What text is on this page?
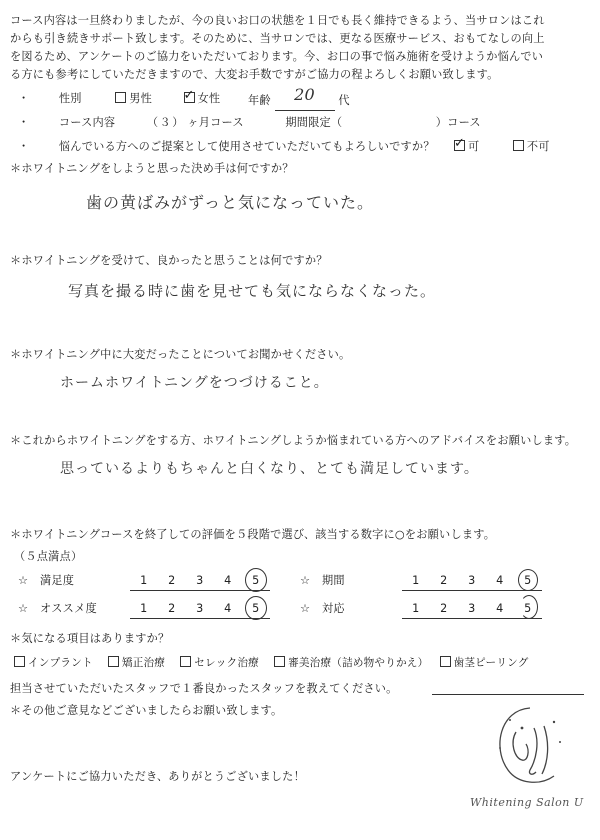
コース内容は一旦終わりましたが、今の良いお口の状態を１日でも長く維持できるよう、当サロンはこれ
からも引き続きサポート致します。そのために、当サロンでは、更なる医療サービス、おもてなしの向上
を図るため、アンケートのご協力をいただいております。今、お口の事で悩み施術を受けようか悩んでい
る方にも参考にしていただきますので、大変お手数ですがご協力の程よろしくお願い致します。
・	性別	男性 ✓ 女性 年齢 20 代
・	コース内容	（３） ヶ月コース	期間限定（	）コース
・	悩んでいる方へのご提案として使用させていただいてもよろしいですか？ ✓ 可	不可
＊ホワイトニングをしようと思った決め手は何ですか？
歯の黄ばみがずっと気になっていた。
＊ホワイトニングを受けて、良かったと思うことは何ですか？
写真を撮る時に歯を見せても気にならなくなった。
＊ホワイトニング中に大変だったことについてお聞かせください。
ホームホワイトニングをつづけること。
＊これからホワイトニングをする方、ホワイトニングしようか悩まれている方へのアドバイスをお願いします。
思っているよりもちゃんと白くなり、とても満足しています。
＊ホワイトニングコースを終了しての評価を５段階で選び、該当する数字に○をお願いします。
（５点満点）
☆ 満足度	1 2 3 4 5	☆ 期間	1 2 3 4 5
☆ オススメ度	1 2 3 4 5	☆ 対応	1 2 3 4 5
＊気になる項目はありますか？
インプラント	矯正治療	セレック治療	審美治療（詰め物やりかえ） 歯茎ピーリング
担当させていただいたスタッフで１番良かったスタッフを教えてください。
＊その他ご意見などございましたらお願い致します。
アンケートにご協力いただき、ありがとうございました！
Whitening Salon U
